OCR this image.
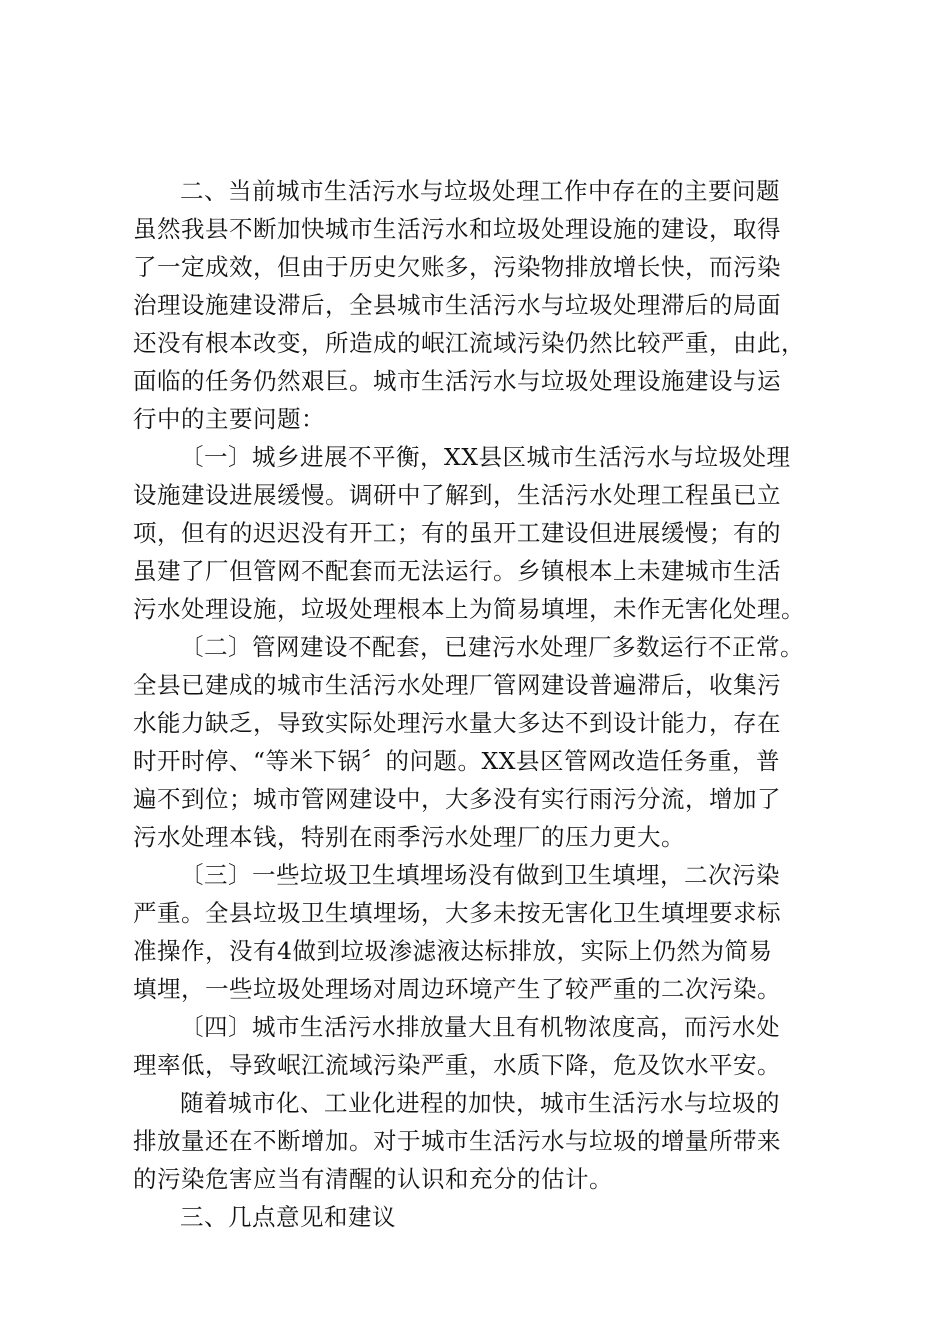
二、当前城市生活污水与垃圾处理工作中存在的主要问题
虽然我县不断加快城市生活污水和垃圾处理设施的建设，取得
了一定成效，但由于历史欠账多，污染物排放增长快，而污染
治理设施建设滞后，全县城市生活污水与垃圾处理滞后的局面
还没有根本改变，所造成的岷江流域污染仍然比较严重，由此，
面临的任务仍然艰巨。城市生活污水与垃圾处理设施建设与运
行中的主要问题：
〔一〕城乡进展不平衡，XX县区城市生活污水与垃圾处理
设施建设进展缓慢。调研中了解到，生活污水处理工程虽已立
项，但有的迟迟没有开工；有的虽开工建设但进展缓慢；有的
虽建了厂但管网不配套而无法运行。乡镇根本上未建城市生活
污水处理设施，垃圾处理根本上为简易填埋，未作无害化处理。
〔二〕管网建设不配套，已建污水处理厂多数运行不正常。
全县已建成的城市生活污水处理厂管网建设普遍滞后，收集污
水能力缺乏，导致实际处理污水量大多达不到设计能力，存在
时开时停、“等米下锅〞的问题。XX县区管网改造任务重，普
遍不到位；城市管网建设中，大多没有实行雨污分流，增加了
污水处理本钱，特别在雨季污水处理厂的压力更大。
〔三〕一些垃圾卫生填埋场没有做到卫生填埋，二次污染
严重。全县垃圾卫生填埋场，大多未按无害化卫生填埋要求标
准操作，没有4做到垃圾渗滤液达标排放，实际上仍然为简易
填埋，一些垃圾处理场对周边环境产生了较严重的二次污染。
〔四〕城市生活污水排放量大且有机物浓度高，而污水处
理率低，导致岷江流域污染严重，水质下降，危及饮水平安。
随着城市化、工业化进程的加快，城市生活污水与垃圾的
排放量还在不断增加。对于城市生活污水与垃圾的增量所带来
的污染危害应当有清醒的认识和充分的估计。
三、几点意见和建议
